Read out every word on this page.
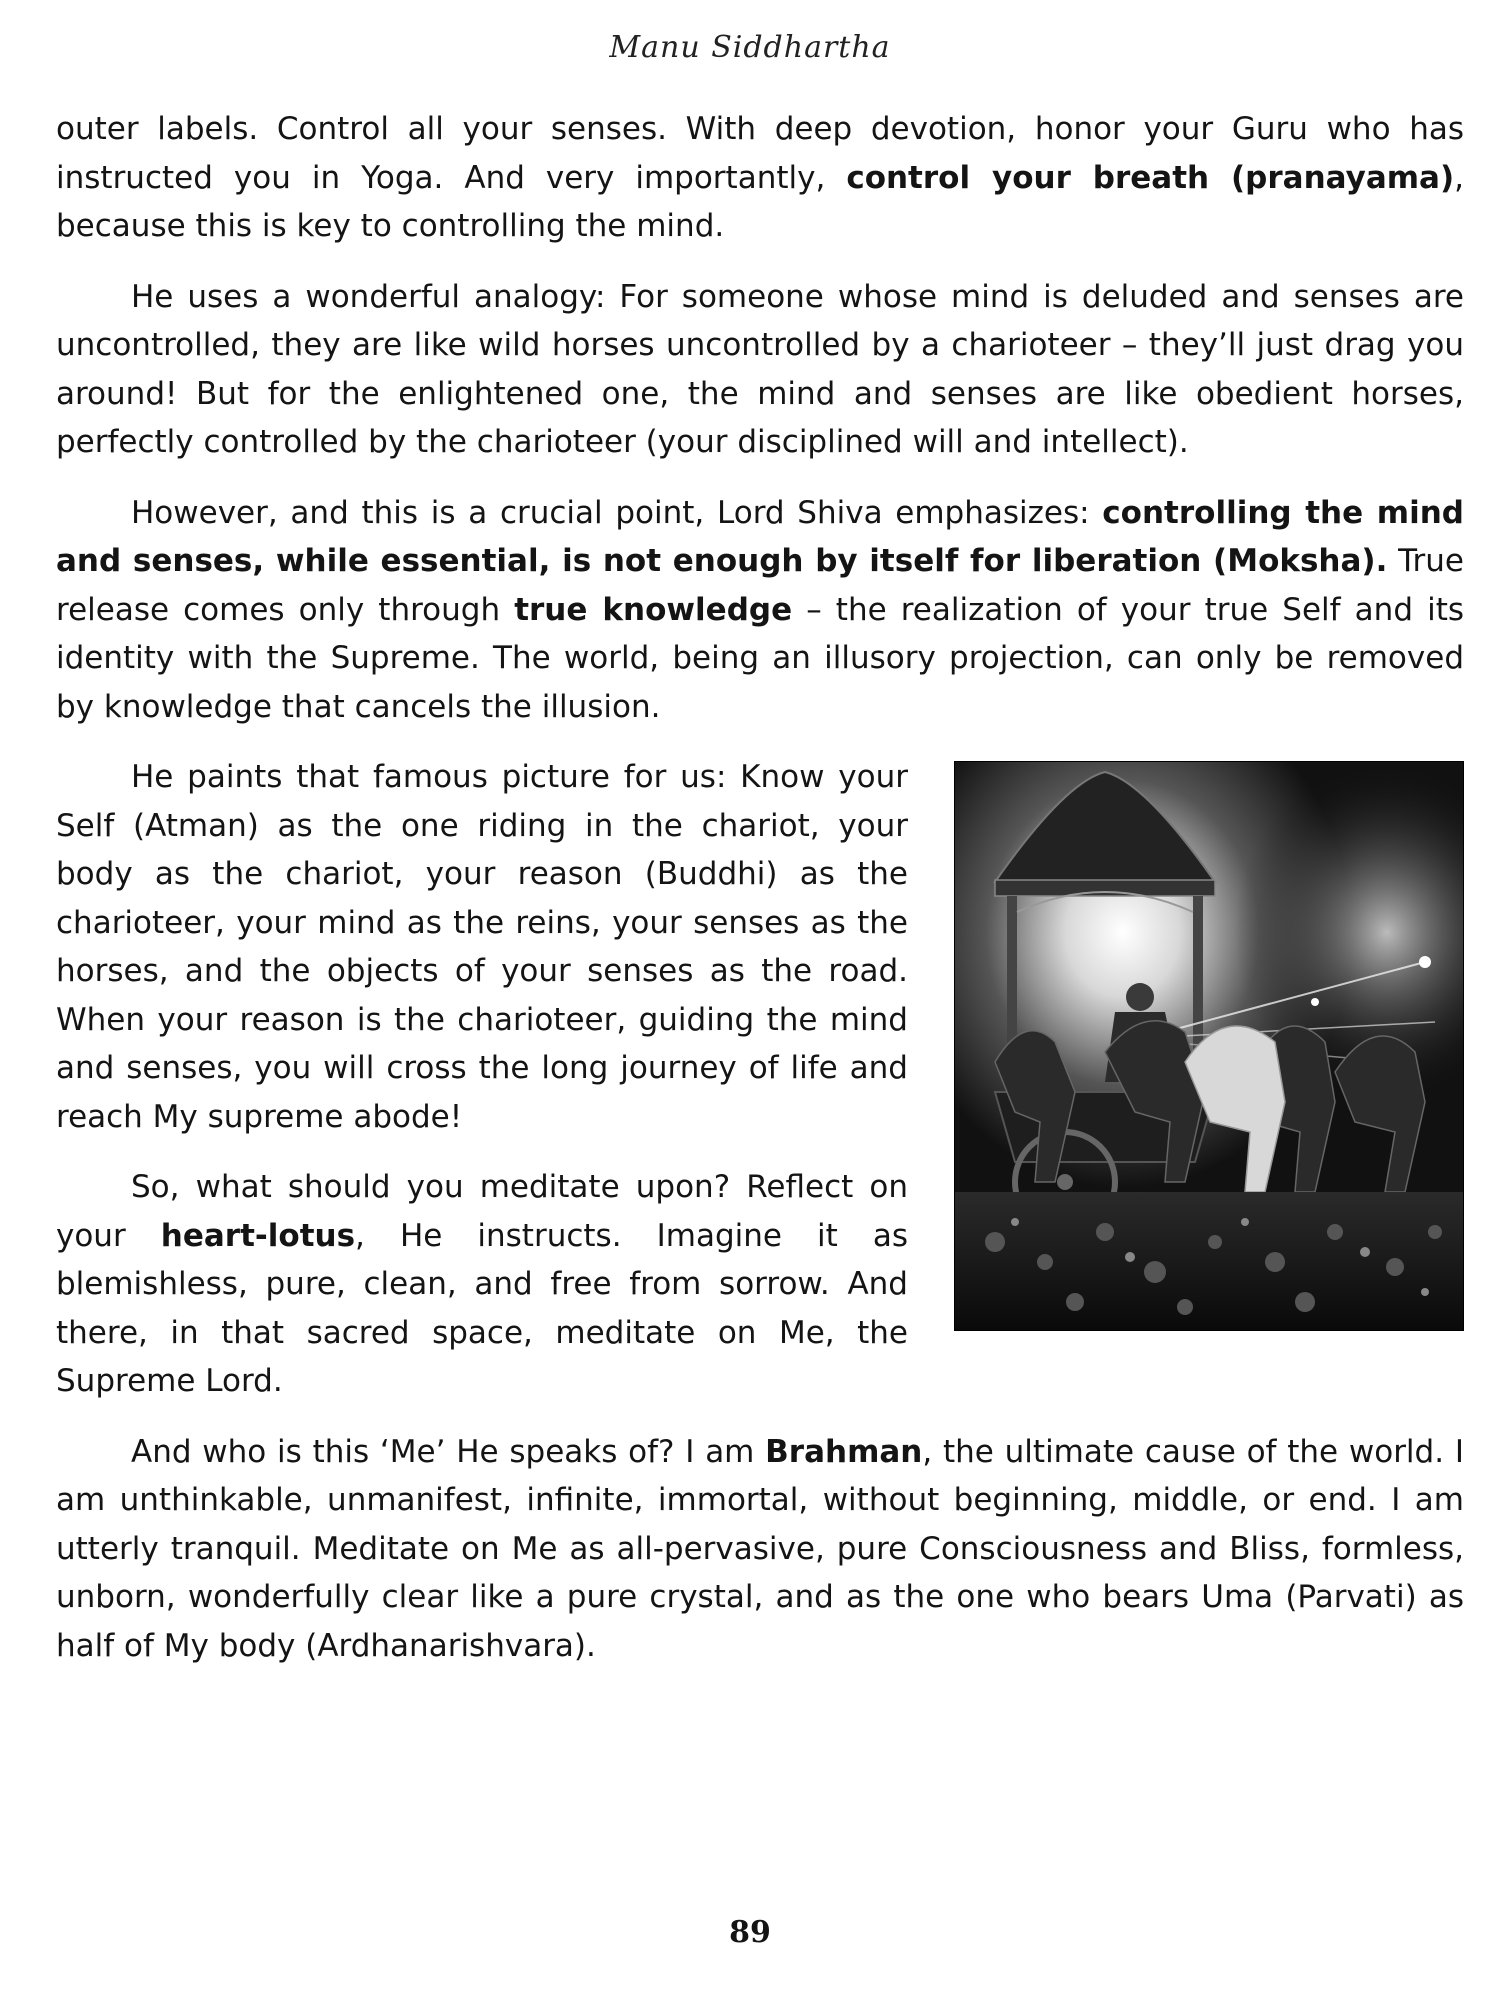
Manu Siddhartha

outer labels. Control all your senses. With deep devotion, honor your Guru who has instructed you in Yoga. And very importantly, control your breath (pranayama), because this is key to controlling the mind.

He uses a wonderful analogy: For someone whose mind is deluded and senses are uncontrolled, they are like wild horses uncontrolled by a charioteer – they’ll just drag you around! But for the enlightened one, the mind and senses are like obedient horses, perfectly controlled by the charioteer (your disciplined will and intellect).

However, and this is a crucial point, Lord Shiva emphasizes: controlling the mind and senses, while essential, is not enough by itself for liberation (Moksha). True release comes only through true knowledge – the realization of your true Self and its identity with the Supreme. The world, being an illusory projection, can only be removed by knowledge that cancels the illusion.

He paints that famous picture for us: Know your Self (Atman) as the one riding in the chariot, your body as the chariot, your reason (Buddhi) as the charioteer, your mind as the reins, your senses as the horses, and the objects of your senses as the road. When your reason is the charioteer, guiding the mind and senses, you will cross the long journey of life and reach My supreme abode!

So, what should you meditate upon? Reflect on your heart-lotus, He instructs. Imagine it as blemishless, pure, clean, and free from sorrow. And there, in that sacred space, meditate on Me, the Supreme Lord.

And who is this ‘Me’ He speaks of? I am Brahman, the ultimate cause of the world. I am unthinkable, unmanifest, infinite, immortal, without beginning, middle, or end. I am utterly tranquil. Meditate on Me as all-pervasive, pure Consciousness and Bliss, formless, unborn, wonderfully clear like a pure crystal, and as the one who bears Uma (Parvati) as half of My body (Ardhanarishvara).

89
